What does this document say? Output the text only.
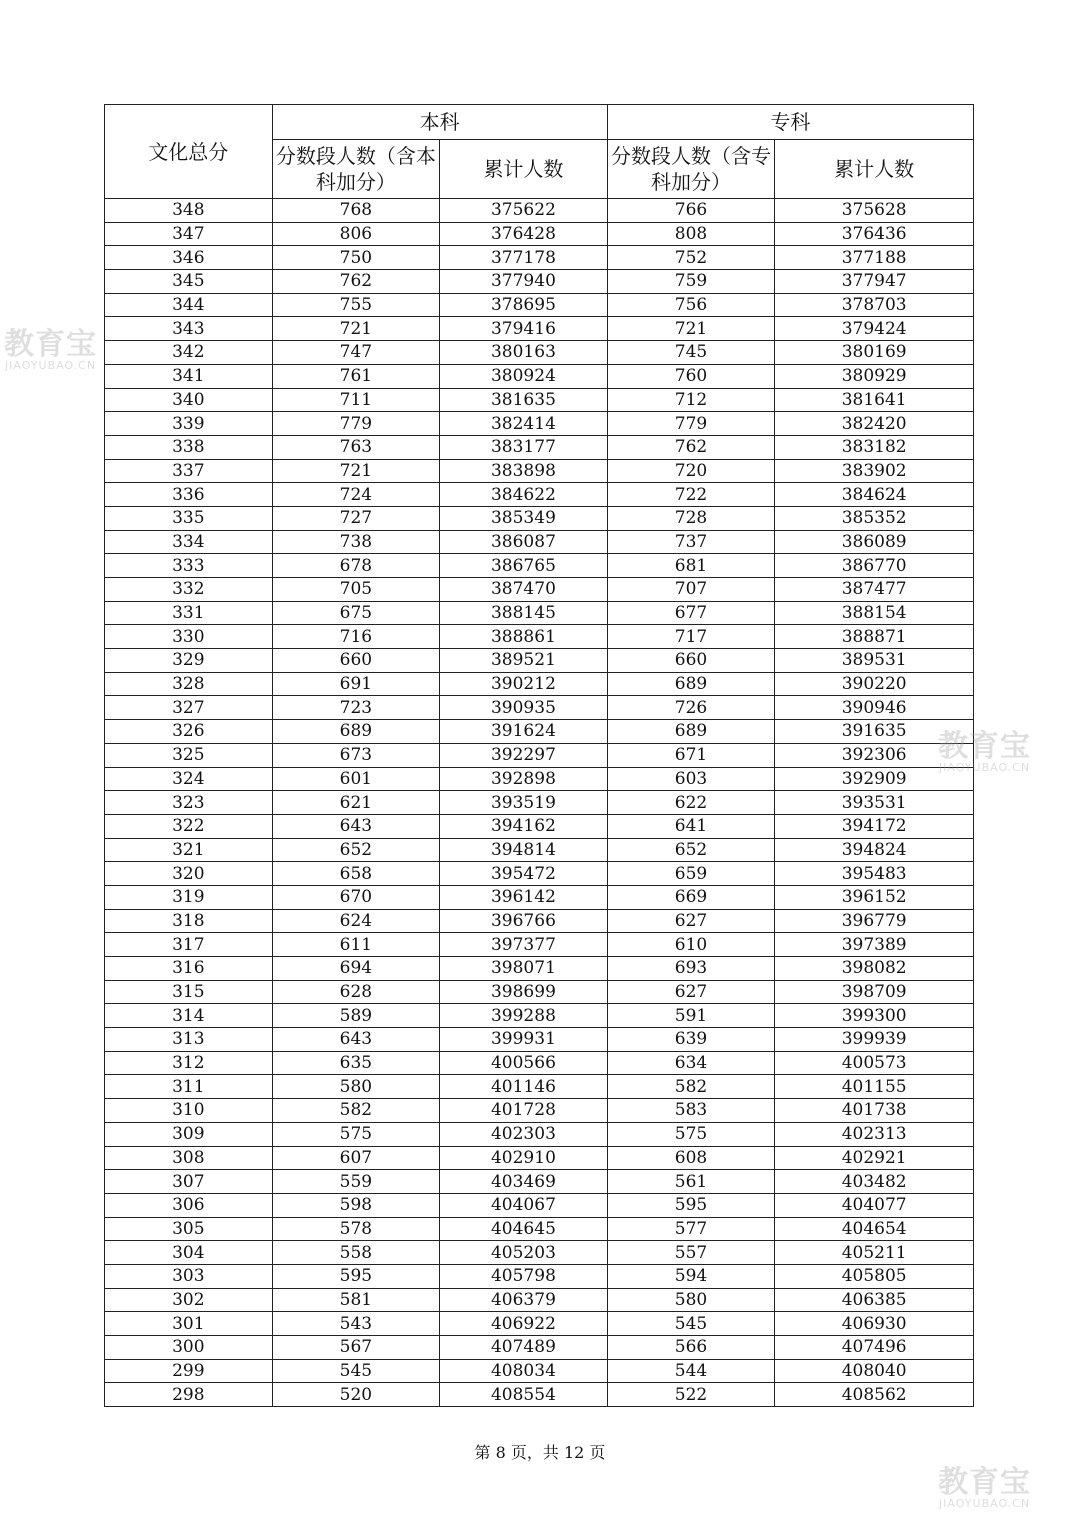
文化总分	本科		专科	
	分数段人数（含本科加分）	累计人数	分数段人数（含专科加分）	累计人数
348	768	375622	766	375628
347	806	376428	808	376436
346	750	377178	752	377188
345	762	377940	759	377947
344	755	378695	756	378703
343	721	379416	721	379424
342	747	380163	745	380169
341	761	380924	760	380929
340	711	381635	712	381641
339	779	382414	779	382420
338	763	383177	762	383182
337	721	383898	720	383902
336	724	384622	722	384624
335	727	385349	728	385352
334	738	386087	737	386089
333	678	386765	681	386770
332	705	387470	707	387477
331	675	388145	677	388154
330	716	388861	717	388871
329	660	389521	660	389531
328	691	390212	689	390220
327	723	390935	726	390946
326	689	391624	689	391635
325	673	392297	671	392306
324	601	392898	603	392909
323	621	393519	622	393531
322	643	394162	641	394172
321	652	394814	652	394824
320	658	395472	659	395483
319	670	396142	669	396152
318	624	396766	627	396779
317	611	397377	610	397389
316	694	398071	693	398082
315	628	398699	627	398709
314	589	399288	591	399300
313	643	399931	639	399939
312	635	400566	634	400573
311	580	401146	582	401155
310	582	401728	583	401738
309	575	402303	575	402313
308	607	402910	608	402921
307	559	403469	561	403482
306	598	404067	595	404077
305	578	404645	577	404654
304	558	405203	557	405211
303	595	405798	594	405805
302	581	406379	580	406385
301	543	406922	545	406930
300	567	407489	566	407496
299	545	408034	544	408040
298	520	408554	522	408562
第 8 页，共 12 页
教育宝
JIAOYUBAO.CN
教育宝
JIAOYUBAO.CN
教育宝
JIAOYUBAO.CN
